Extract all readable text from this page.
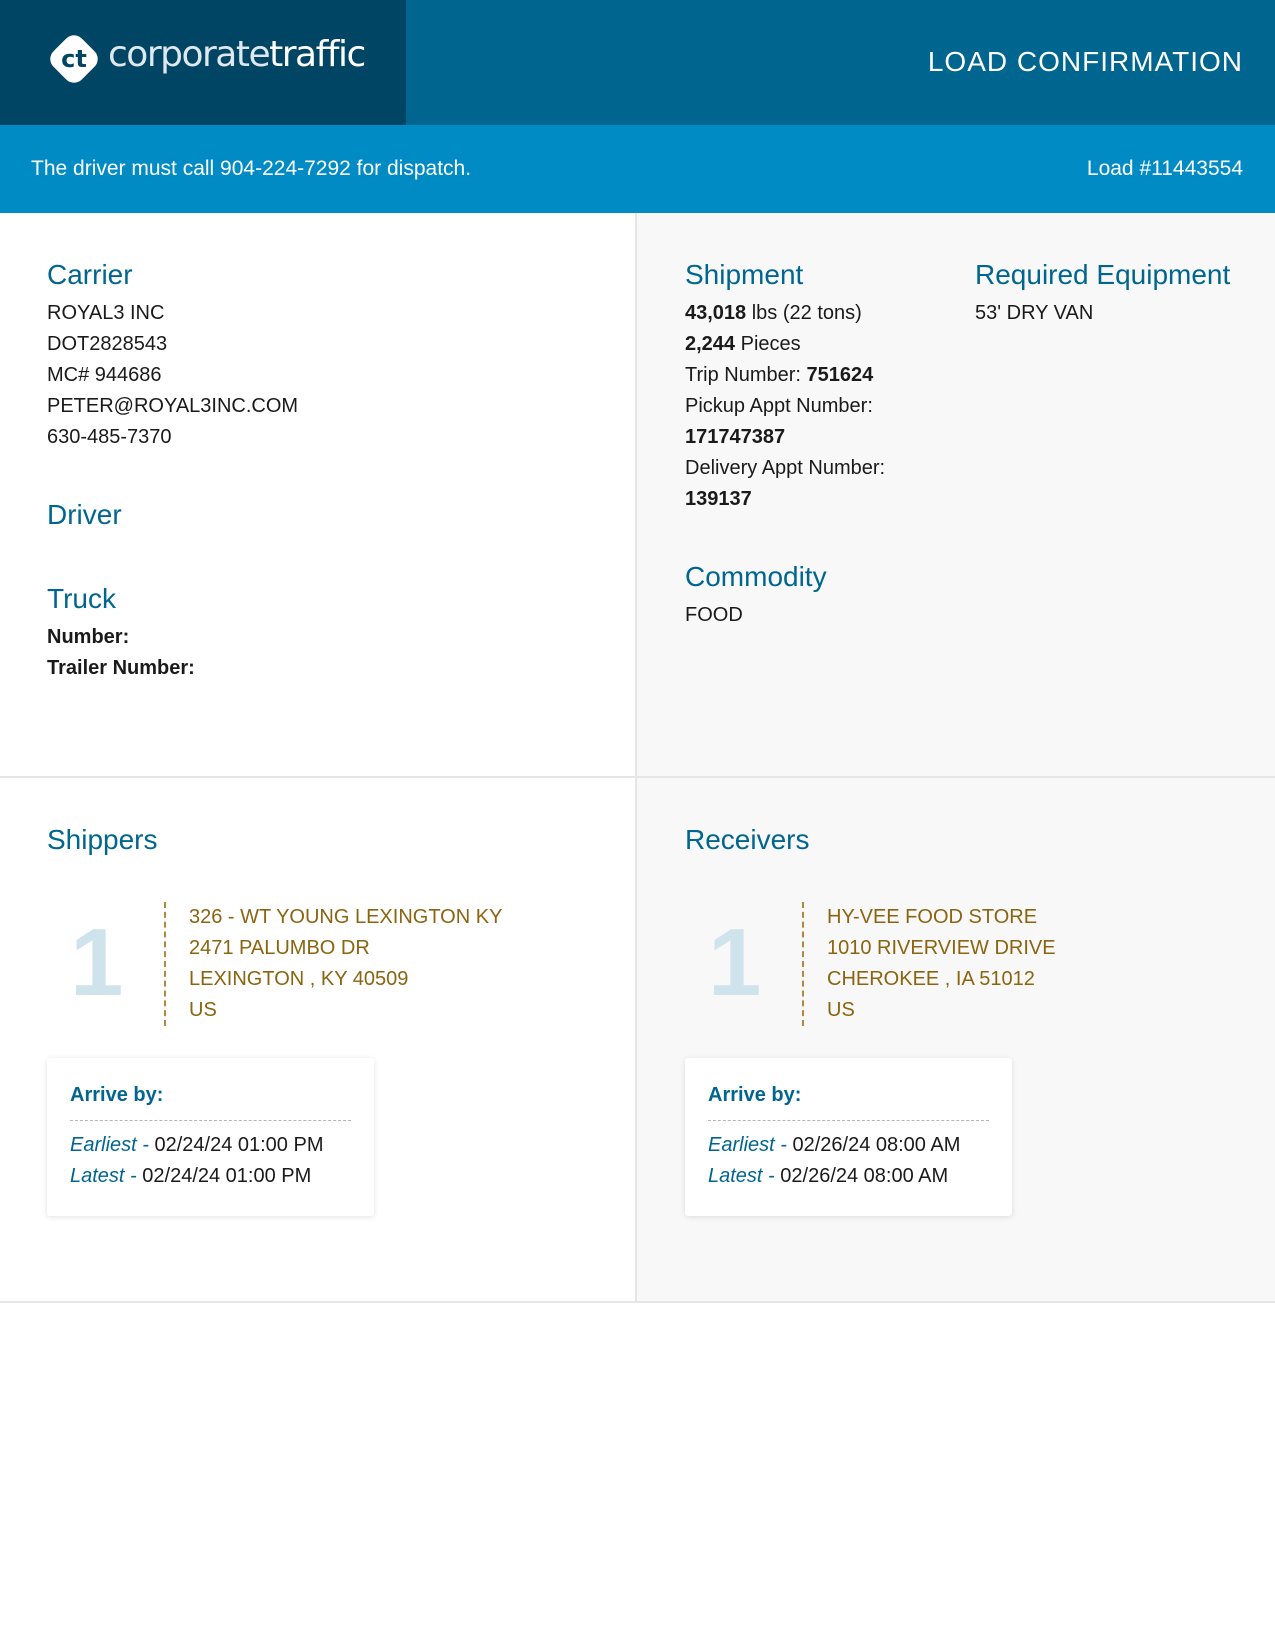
ct corporatetraffic	LOAD CONFIRMATION
The driver must call 904-224-7292 for dispatch.	Load #11443554
Carrier
ROYAL3 INC
DOT2828543
MC# 944686
PETER@ROYAL3INC.COM
630-485-7370
Driver
Truck
Number:
Trailer Number:
Shipment
43,018 lbs (22 tons)
2,244 Pieces
Trip Number: 751624
Pickup Appt Number:
171747387
Delivery Appt Number:
139137
Required Equipment
53' DRY VAN
Commodity
FOOD
Shippers
1	326 - WT YOUNG LEXINGTON KY
2471 PALUMBO DR
LEXINGTON , KY 40509
US
Arrive by:
Earliest - 02/24/24 01:00 PM
Latest - 02/24/24 01:00 PM
Receivers
1	HY-VEE FOOD STORE
1010 RIVERVIEW DRIVE
CHEROKEE , IA 51012
US
Arrive by:
Earliest - 02/26/24 08:00 AM
Latest - 02/26/24 08:00 AM
